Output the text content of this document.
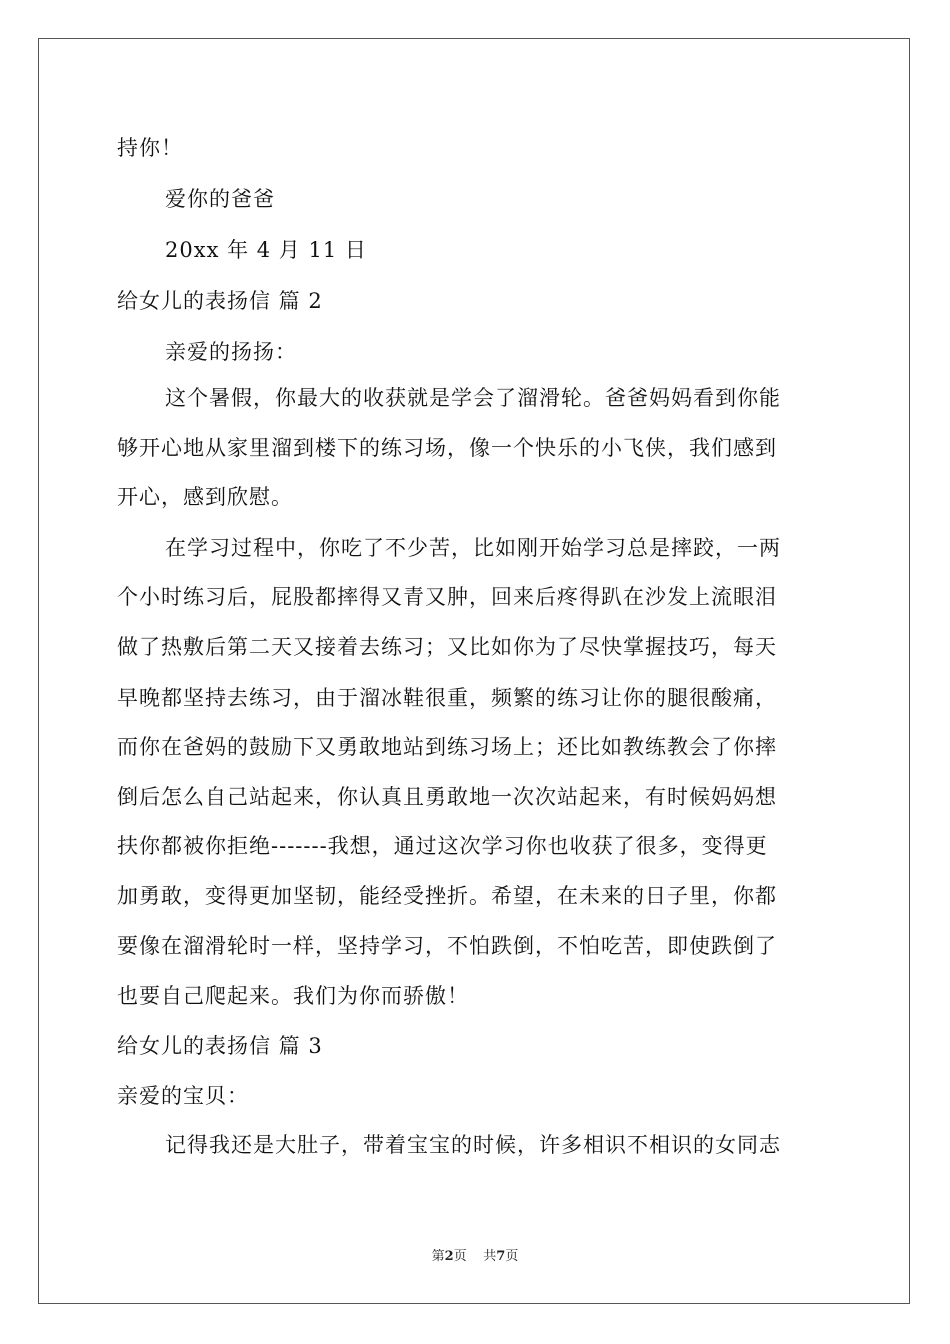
持你！
爱你的爸爸
20xx 年 4 月 11 日
给女儿的表扬信 篇 2
亲爱的扬扬：
这个暑假，你最大的收获就是学会了溜滑轮。爸爸妈妈看到你能
够开心地从家里溜到楼下的练习场，像一个快乐的小飞侠，我们感到
开心，感到欣慰。
在学习过程中，你吃了不少苦，比如刚开始学习总是摔跤，一两
个小时练习后，屁股都摔得又青又肿，回来后疼得趴在沙发上流眼泪
做了热敷后第二天又接着去练习；又比如你为了尽快掌握技巧，每天
早晚都坚持去练习，由于溜冰鞋很重，频繁的练习让你的腿很酸痛，
而你在爸妈的鼓励下又勇敢地站到练习场上；还比如教练教会了你摔
倒后怎么自己站起来，你认真且勇敢地一次次站起来，有时候妈妈想
扶你都被你拒绝-------我想，通过这次学习你也收获了很多，变得更
加勇敢，变得更加坚韧，能经受挫折。希望，在未来的日子里，你都
要像在溜滑轮时一样，坚持学习，不怕跌倒，不怕吃苦，即使跌倒了
也要自己爬起来。我们为你而骄傲！
给女儿的表扬信 篇 3
亲爱的宝贝：
记得我还是大肚子，带着宝宝的时候，许多相识不相识的女同志
第2页 共7页
